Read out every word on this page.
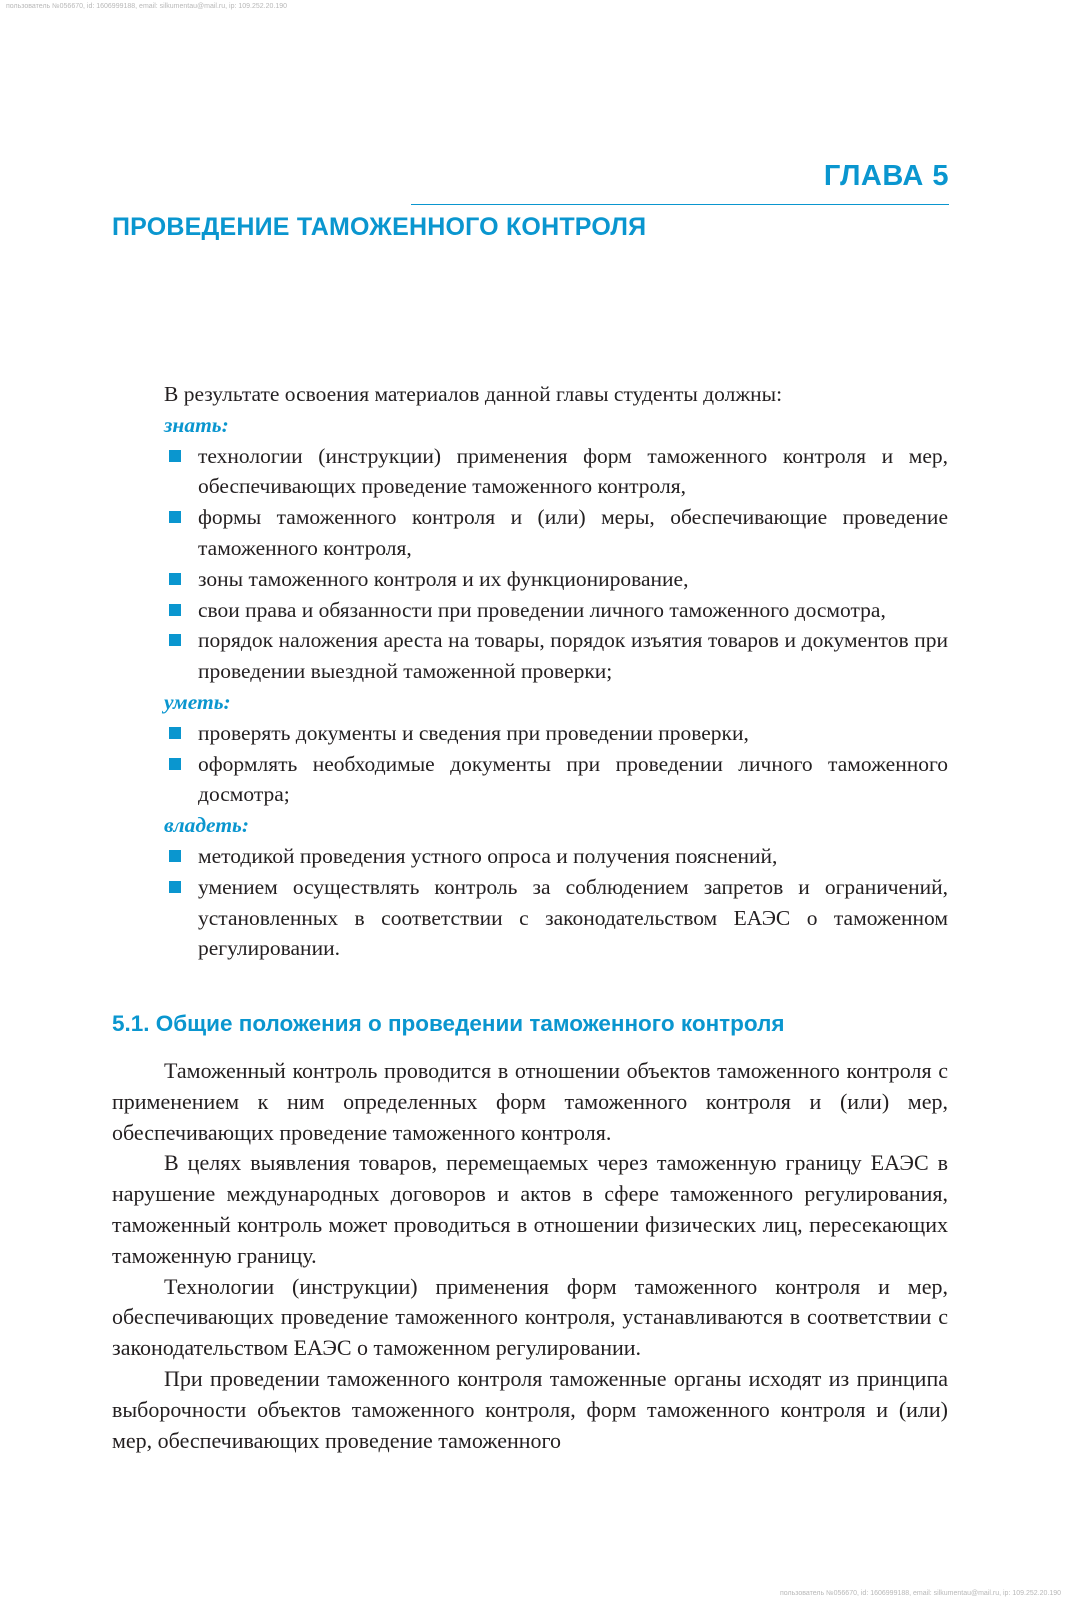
пользователь №056670, id: 1606999188, email: silkumentau@mail.ru, ip: 109.252.20.190
ГЛАВА 5
ПРОВЕДЕНИЕ ТАМОЖЕННОГО КОНТРОЛЯ

В результате освоения материалов данной главы студенты должны:

знать:

технологии (инструкции) применения форм таможенного контроля и мер, обеспечивающих проведение таможенного контроля,
формы таможенного контроля и (или) меры, обеспечивающие проведение таможенного контроля,
зоны таможенного контроля и их функционирование,
свои права и обязанности при проведении личного таможенного досмотра,
порядок наложения ареста на товары, порядок изъятия товаров и документов при проведении выездной таможенной проверки;

уметь:

проверять документы и сведения при проведении проверки,
оформлять необходимые документы при проведении личного таможенного досмотра;

владеть:

методикой проведения устного опроса и получения пояснений,
умением осуществлять контроль за соблюдением запретов и ограничений, установленных в соответствии с законодательством ЕАЭС о таможенном регулировании.
5.1. Общие положения о проведении таможенного контроля

Таможенный контроль проводится в отношении объектов таможенного контроля с применением к ним определенных форм таможенного контроля и (или) мер, обеспечивающих проведение таможенного контроля.

В целях выявления товаров, перемещаемых через таможенную границу ЕАЭС в нарушение международных договоров и актов в сфере таможенного регулирования, таможенный контроль может проводиться в отношении физических лиц, пересекающих таможенную границу.

Технологии (инструкции) применения форм таможенного контроля и мер, обеспечивающих проведение таможенного контроля, устанавливаются в соответствии с законодательством ЕАЭС о таможенном регулировании.

При проведении таможенного контроля таможенные органы исходят из принципа выборочности объектов таможенного контроля, форм таможенного контроля и (или) мер, обеспечивающих проведение таможенного

пользователь №056670, id: 1606999188, email: silkumentau@mail.ru, ip: 109.252.20.190
